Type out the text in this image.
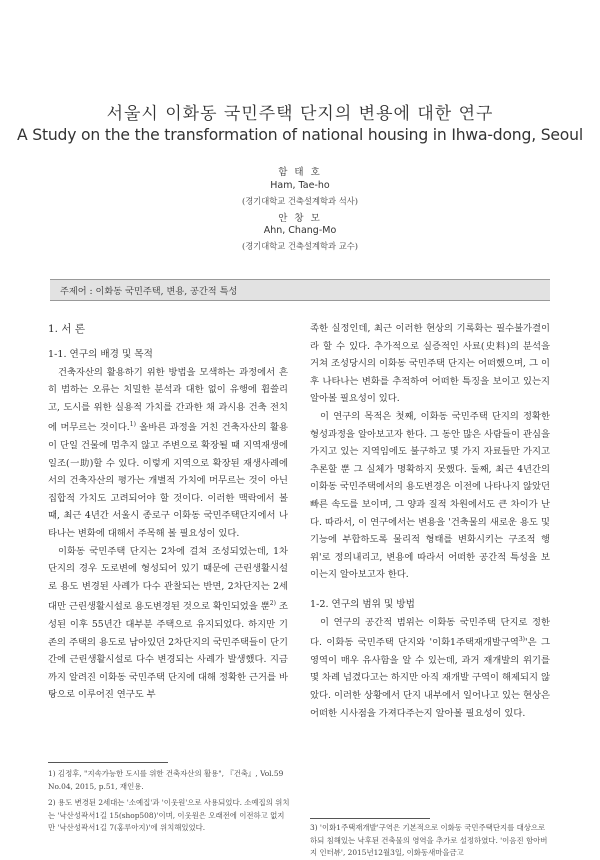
서울시 이화동 국민주택 단지의 변용에 대한 연구
A Study on the the transformation of national housing in Ihwa-dong, Seoul
함 태 호
Ham, Tae-ho
(경기대학교 건축설계학과 석사)
안 창 모
Ahn, Chang-Mo
(경기대학교 건축설계학과 교수)
주제어 : 이화동 국민주택, 변용, 공간적 특성
1. 서 론
1-1. 연구의 배경 및 목적

건축자산의 활용하기 위한 방법을 모색하는 과정에서 흔히 범하는 오류는 치밀한 분석과 대한 없이 유행에 휩쓸리고, 도시를 위한 실용적 가치를 간과한 채 과시용 건축 전치에 머무르는 것이다.$^{1)}$ 올바른 과정을 거친 건축자산의 활용이 단일 건물에 멈추지 않고 주변으로 확장될 때 지역재생에 일조(一助)할 수 있다. 이렇게 지역으로 확장된 재생사례에서의 건축자산의 평가는 개별적 가치에 머무르는 것이 아닌 집합적 가치도 고려되어야 할 것이다. 이러한 맥락에서 볼 때, 최근 4년간 서울시 종로구 이화동 국민주택단지에서 나타나는 변화에 대해서 주목해 볼 필요성이 있다.

이화동 국민주택 단지는 2차에 걸쳐 조성되었는데, 1차단지의 경우 도로변에 형성되어 있기 때문에 근린생활시설로 용도 변경된 사례가 다수 관찰되는 반면, 2차단지는 2세대만 근린생활시설로 용도변경된 것으로 확인되었을 뿐$^{2)}$ 조성된 이후 55년간 대부분 주택으로 유지되었다. 하지만 기존의 주택의 용도로 남아있던 2차단지의 국민주택들이 단기간에 근린생활시설로 다수 변경되는 사례가 발생했다. 지금까지 알려진 이화동 국민주택 단지에 대해 정확한 근거를 바탕으로 이루어진 연구도 부

족한 실정인데, 최근 이러한 현상의 기록화는 필수불가결이라 할 수 있다. 추가적으로 실증적인 사료(史料)의 분석을 거쳐 조성당시의 이화동 국민주택 단지는 어떠했으며, 그 이후 나타나는 변화를 추적하여 어떠한 특징을 보이고 있는지 알아볼 필요성이 있다.

이 연구의 목적은 첫째, 이화동 국민주택 단지의 정확한 형성과정을 알아보고자 한다. 그 동안 많은 사람들이 관심을 가지고 있는 지역임에도 불구하고 몇 가지 자료들만 가지고 추론할 뿐 그 실체가 명확하지 못했다. 둘째, 최근 4년간의 이화동 국민주택에서의 용도변경은 이전에 나타나지 않았던 빠른 속도를 보이며, 그 양과 질적 차원에서도 큰 차이가 난다. 따라서, 이 연구에서는 변용을 '건축물의 새로운 용도 및 기능에 부합하도록 물리적 형태를 변화시키는 구조적 행위'로 정의내리고, 변용에 따라서 어떠한 공간적 특성을 보이는지 알아보고자 한다.

1-2. 연구의 범위 및 방법

이 연구의 공간적 범위는 이화동 국민주택 단지로 정한다. 이화동 국민주택 단지와 '이화1주택재개발구역$^{3)}$'은 그 영역이 매우 유사함을 알 수 있는데, 과거 재개발의 위기를 몇 차례 넘겼다고는 하지만 아직 재개발 구역이 해제되지 않았다. 이러한 상황에서 단지 내부에서 일어나고 있는 현상은 어떠한 시사점을 가져다주는지 알아볼 필요성이 있다.

1) 김정후, "지속가능한 도시를 위한 건축자산의 활용", 『건축』, Vol.59 No.04, 2015, p.51, 재인용.

2) 용도 변경된 2세대는 '소예집'과 '이웃원'으로 사용되었다. 소예집의 위치는 '낙산성곽서1길 15(shop508)'이며, 이웃원은 오래전에 이전하고 없지만 '낙산성곽서1길 7(홍루아지)'에 위치해있었다.	3) '이화1주택재개발'구역은 기본적으로 이화동 국민주택단지를 대상으로 하되 침해있는 낙후된 건축물의 영역을 추가로 설정하였다. '이음진 함아버지 인터뷰', 2015년12월3일, 이화동새마을금고
